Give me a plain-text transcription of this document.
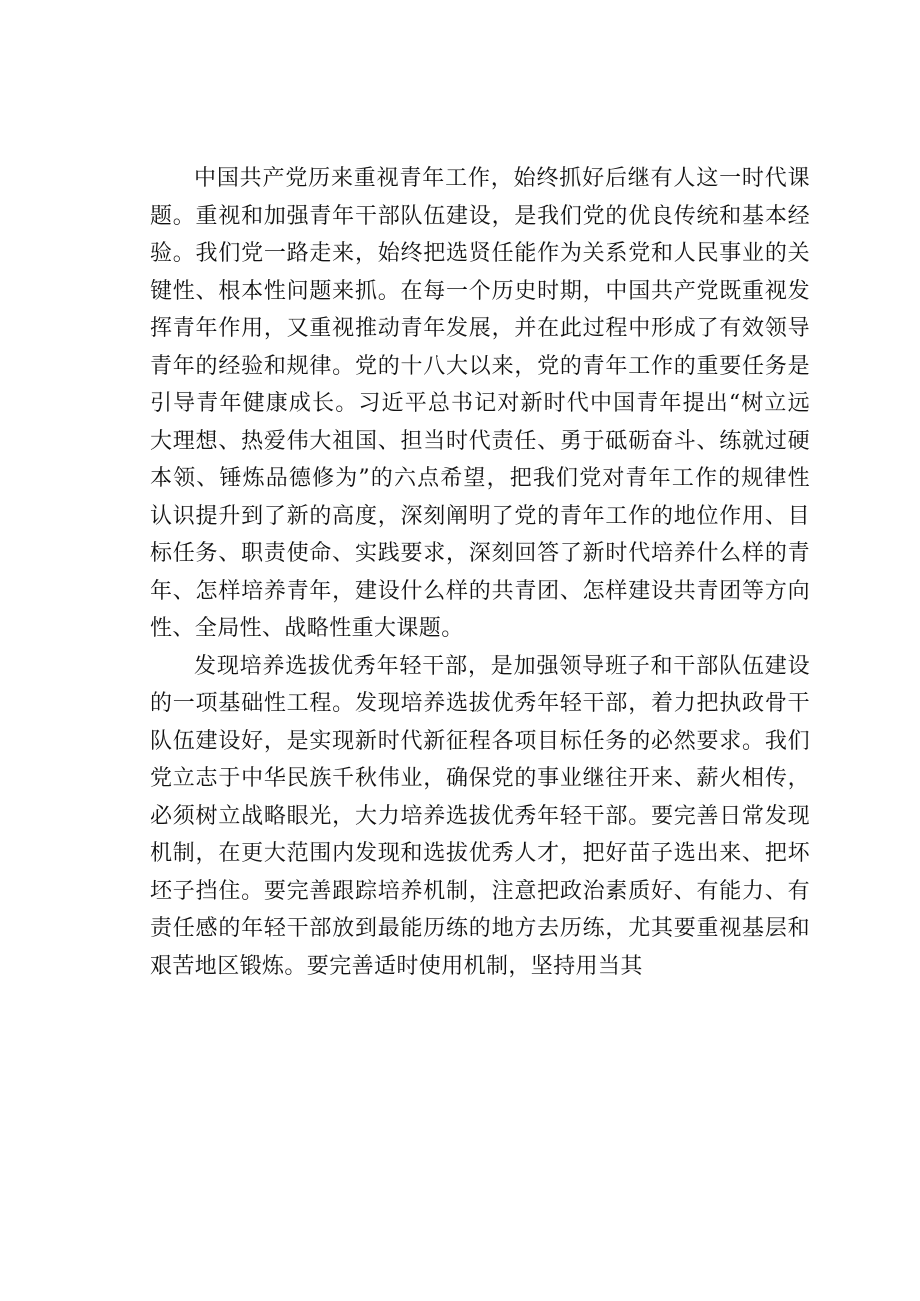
中国共产党历来重视青年工作，始终抓好后继有人这一时代课题。重视和加强青年干部队伍建设，是我们党的优良传统和基本经验。我们党一路走来，始终把选贤任能作为关系党和人民事业的关键性、根本性问题来抓。在每一个历史时期，中国共产党既重视发挥青年作用，又重视推动青年发展，并在此过程中形成了有效领导青年的经验和规律。党的十八大以来，党的青年工作的重要任务是引导青年健康成长。习近平总书记对新时代中国青年提出“树立远大理想、热爱伟大祖国、担当时代责任、勇于砥砺奋斗、练就过硬本领、锤炼品德修为”的六点希望，把我们党对青年工作的规律性认识提升到了新的高度，深刻阐明了党的青年工作的地位作用、目标任务、职责使命、实践要求，深刻回答了新时代培养什么样的青年、怎样培养青年，建设什么样的共青团、怎样建设共青团等方向性、全局性、战略性重大课题。

发现培养选拔优秀年轻干部，是加强领导班子和干部队伍建设的一项基础性工程。发现培养选拔优秀年轻干部，着力把执政骨干队伍建设好，是实现新时代新征程各项目标任务的必然要求。我们党立志于中华民族千秋伟业，确保党的事业继往开来、薪火相传，必须树立战略眼光，大力培养选拔优秀年轻干部。要完善日常发现机制，在更大范围内发现和选拔优秀人才，把好苗子选出来、把坏坯子挡住。要完善跟踪培养机制，注意把政治素质好、有能力、有责任感的年轻干部放到最能历练的地方去历练，尤其要重视基层和艰苦地区锻炼。要完善适时使用机制，坚持用当其
